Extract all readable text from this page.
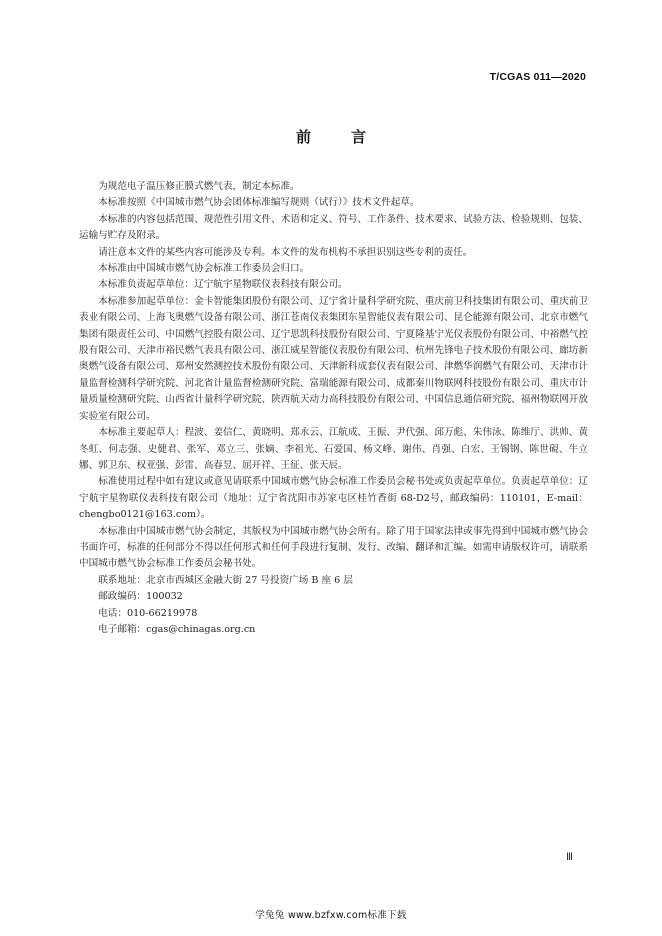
T/CGAS 011—2020
前	言

为规范电子温压修正膜式燃气表，制定本标准。

本标准按照《中国城市燃气协会团体标准编写规则（试行）》技术文件起草。

本标准的内容包括范围、规范性引用文件、术语和定义、符号、工作条件、技术要求、试验方法、检验规则、包装、运输与贮存及附录。

请注意本文件的某些内容可能涉及专利。本文件的发布机构不承担识别这些专利的责任。

本标准由中国城市燃气协会标准工作委员会归口。

本标准负责起草单位：辽宁航宇星物联仪表科技有限公司。

本标准参加起草单位：金卡智能集团股份有限公司、辽宁省计量科学研究院、重庆前卫科技集团有限公司、重庆前卫表业有限公司、上海飞奥燃气设备有限公司、浙江苍南仪表集团东星智能仪表有限公司、昆仑能源有限公司、北京市燃气集团有限责任公司、中国燃气控股有限公司、辽宁思凯科技股份有限公司、宁夏隆基宁光仪表股份有限公司、中裕燃气控股有限公司、天津市裕民燃气表具有限公司、浙江威星智能仪表股份有限公司、杭州先锋电子技术股份有限公司、廊坊新奥燃气设备有限公司、郑州安然测控技术股份有限公司、天津新科成套仪表有限公司、津燃华润燃气有限公司、天津市计量监督检测科学研究院、河北省计量监督检测研究院、富瑞能源有限公司、成都秦川物联网科技股份有限公司、重庆市计量质量检测研究院、山西省计量科学研究院、陕西航天动力高科技股份有限公司、中国信息通信研究院、福州物联网开放实验室有限公司。

本标准主要起草人：程波、姜信仁、黄晓明、郑永云、江航成、王振、尹代强、邱万彪、朱伟泳、陈维厅、洪帅、黄冬虹、何志强、史健君、张军、邓立三、张嫡、李祖光、石爱国、杨文峰、谢伟、肖强、白宏、王锡钢、陈世硯、牛立娜、郭卫东、权亚强、彭雷、高春昱、屈开祥、王征、张天辰。

标准使用过程中如有建议或意见请联系中国城市燃气协会标准工作委员会秘书处或负责起草单位。负责起草单位：辽宁航宇星物联仪表科技有限公司（地址：辽宁省沈阳市苏家屯区桂竹香街 68-D2号，邮政编码：110101，E-mail：chengbo0121@163.com）。

本标准由中国城市燃气协会制定，其版权为中国城市燃气协会所有。除了用于国家法律或事先得到中国城市燃气协会书面许可，标准的任何部分不得以任何形式和任何手段进行复制、发行、改编、翻译和汇编。如需申请版权许可，请联系中国城市燃气协会标准工作委员会秘书处。

联系地址：北京市西城区金融大街 27 号投资广场 B 座 6 层

邮政编码：100032

电话：010-66219978

电子邮箱：cgas@chinagas.org.cn

Ⅲ
学兔兔 www.bzfxw.com标准下载
